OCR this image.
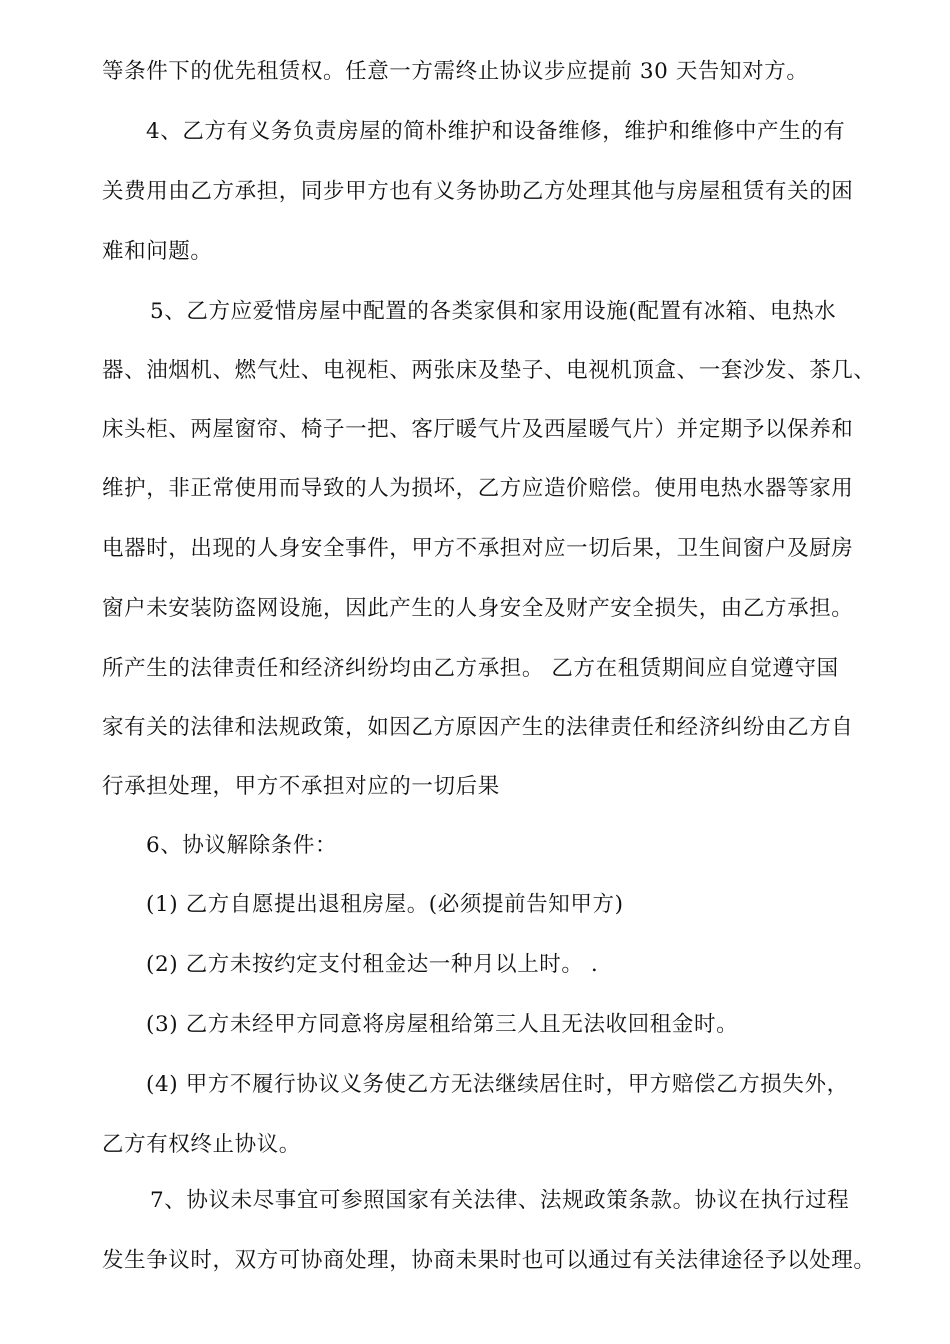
等条件下的优先租赁权。任意一方需终止协议步应提前 30 天告知对方。
4、乙方有义务负责房屋的简朴维护和设备维修，维护和维修中产生的有
关费用由乙方承担，同步甲方也有义务协助乙方处理其他与房屋租赁有关的困
难和问题。
5、乙方应爱惜房屋中配置的各类家俱和家用设施(配置有冰箱、电热水
器、油烟机、燃气灶、电视柜、两张床及垫子、电视机顶盒、一套沙发、茶几、
床头柜、两屋窗帘、椅子一把、客厅暖气片及西屋暖气片）并定期予以保养和
维护，非正常使用而导致的人为损坏，乙方应造价赔偿。使用电热水器等家用
电器时，出现的人身安全事件，甲方不承担对应一切后果，卫生间窗户及厨房
窗户未安装防盗网设施，因此产生的人身安全及财产安全损失，由乙方承担。
所产生的法律责任和经济纠纷均由乙方承担。 乙方在租赁期间应自觉遵守国
家有关的法律和法规政策，如因乙方原因产生的法律责任和经济纠纷由乙方自
行承担处理，甲方不承担对应的一切后果
6、协议解除条件：
(1) 乙方自愿提出退租房屋。(必须提前告知甲方)
(2) 乙方未按约定支付租金达一种月以上时。 .
(3) 乙方未经甲方同意将房屋租给第三人且无法收回租金时。
(4) 甲方不履行协议义务使乙方无法继续居住时，甲方赔偿乙方损失外，
乙方有权终止协议。
7、协议未尽事宜可参照国家有关法律、法规政策条款。协议在执行过程
发生争议时，双方可协商处理，协商未果时也可以通过有关法律途径予以处理。
